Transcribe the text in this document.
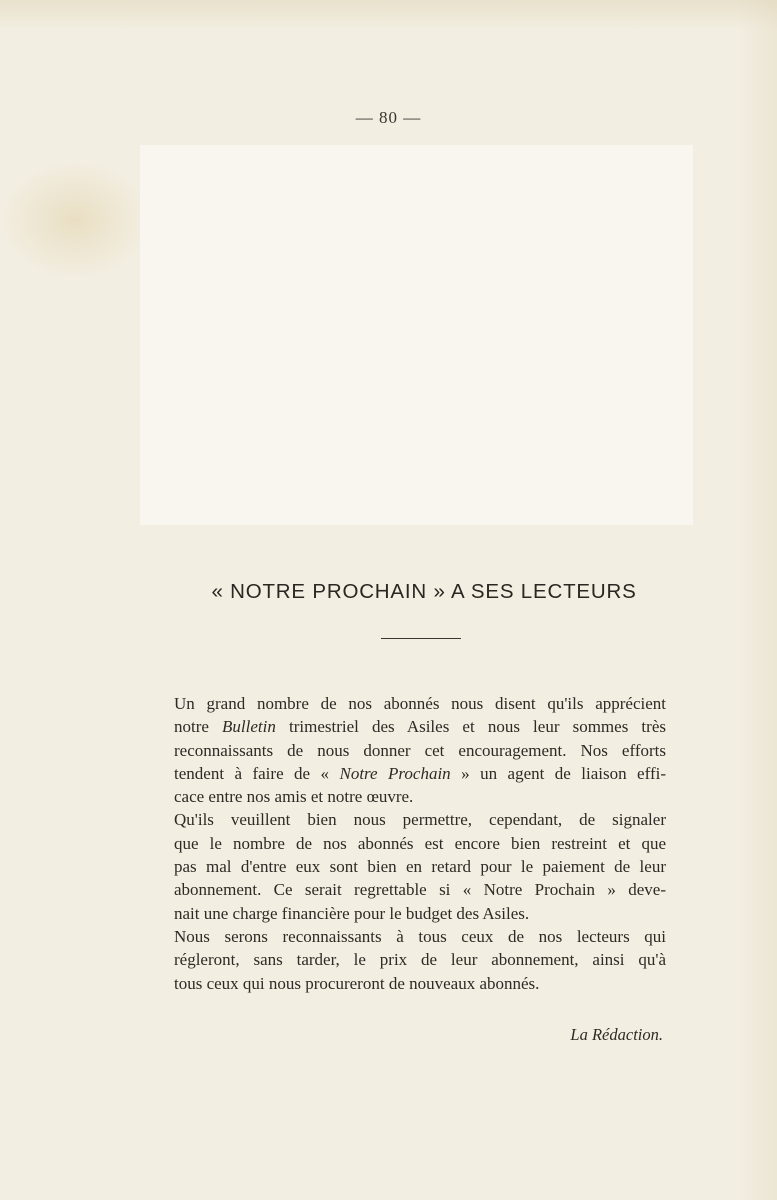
— 80 —
« NOTRE PROCHAIN » A SES LECTEURS
Un grand nombre de nos abonnés nous disent qu'ils apprécient
notre Bulletin trimestriel des Asiles et nous leur sommes très
reconnaissants de nous donner cet encouragement. Nos efforts
tendent à faire de « Notre Prochain » un agent de liaison effi-
cace entre nos amis et notre œuvre.
Qu'ils veuillent bien nous permettre, cependant, de signaler
que le nombre de nos abonnés est encore bien restreint et que
pas mal d'entre eux sont bien en retard pour le paiement de leur
abonnement. Ce serait regrettable si « Notre Prochain » deve-
nait une charge financière pour le budget des Asiles.
Nous serons reconnaissants à tous ceux de nos lecteurs qui
régleront, sans tarder, le prix de leur abonnement, ainsi qu'à
tous ceux qui nous procureront de nouveaux abonnés.
La Rédaction.
